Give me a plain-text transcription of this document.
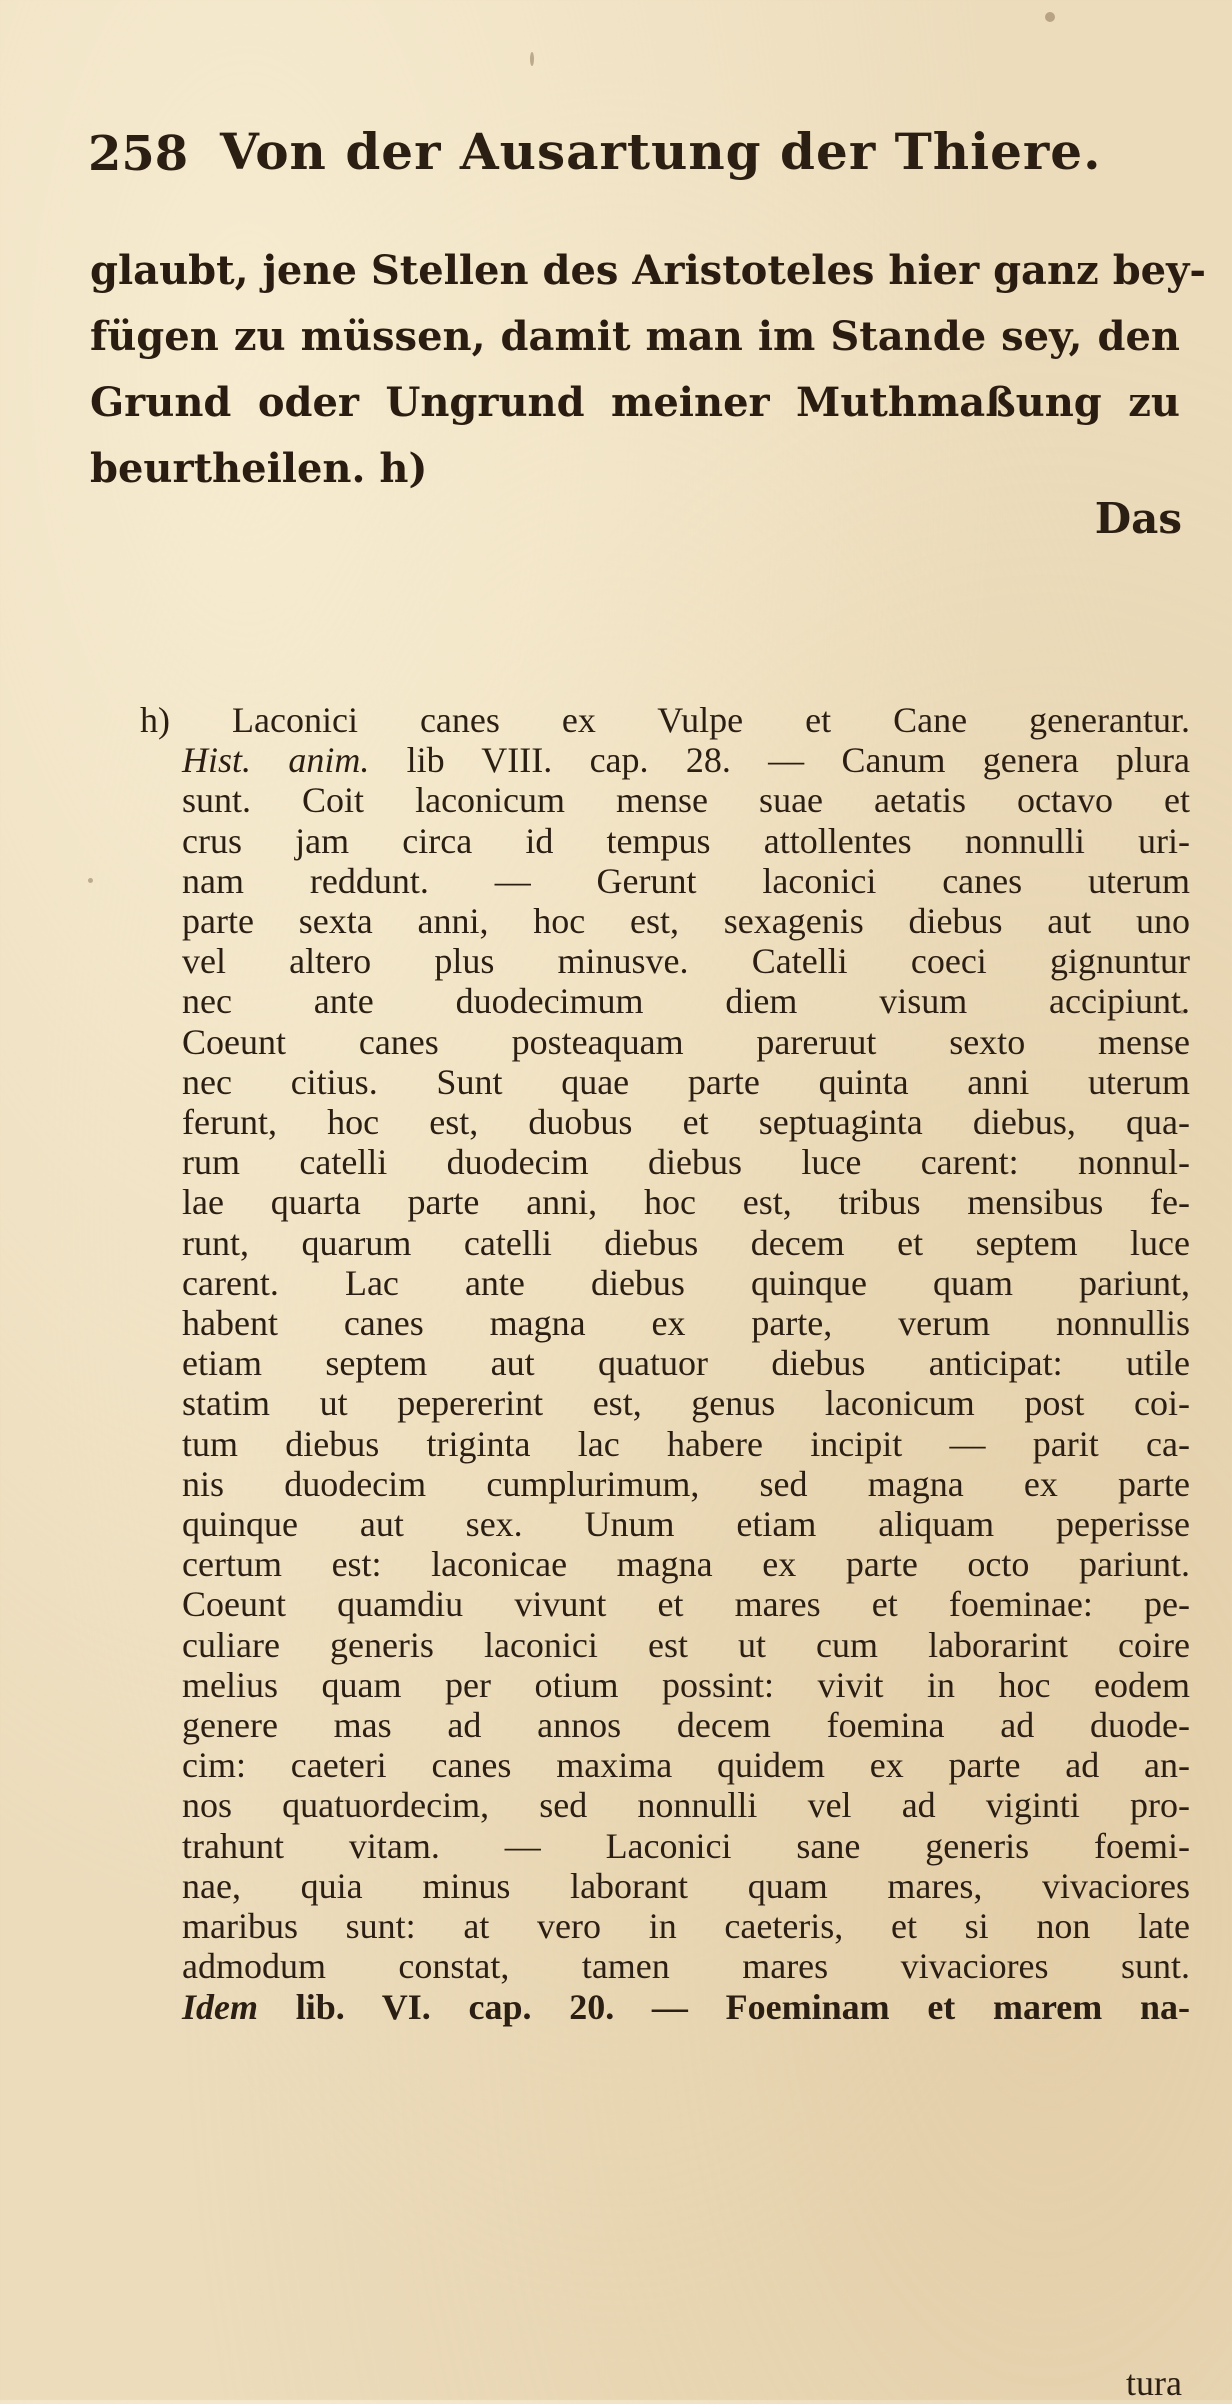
258 Von der Ausartung der Thiere.
glaubt, jene Stellen des Aristoteles hier ganz bey-
fügen zu müssen, damit man im Stande sey, den
Grund oder Ungrund meiner Muthmaßung zu
beurtheilen. h)
Das
h) Laconici canes ex Vulpe et Cane generantur.
Hist. anim. lib VIII. cap. 28. — Canum genera plura
sunt. Coit laconicum mense suae aetatis octavo et
crus jam circa id tempus attollentes nonnulli uri-
nam reddunt. — Gerunt laconici canes uterum
parte sexta anni, hoc est, sexagenis diebus aut uno
vel altero plus minusve. Catelli coeci gignuntur
nec ante duodecimum diem visum accipiunt.
Coeunt canes posteaquam pareruut sexto mense
nec citius. Sunt quae parte quinta anni uterum
ferunt, hoc est, duobus et septuaginta diebus, qua-
rum catelli duodecim diebus luce carent: nonnul-
lae quarta parte anni, hoc est, tribus mensibus fe-
runt, quarum catelli diebus decem et septem luce
carent. Lac ante diebus quinque quam pariunt,
habent canes magna ex parte, verum nonnullis
etiam septem aut quatuor diebus anticipat: utile
statim ut pepererint est, genus laconicum post coi-
tum diebus triginta lac habere incipit — parit ca-
nis duodecim cumplurimum, sed magna ex parte
quinque aut sex. Unum etiam aliquam peperisse
certum est: laconicae magna ex parte octo pariunt.
Coeunt quamdiu vivunt et mares et foeminae: pe-
culiare generis laconici est ut cum laborarint coire
melius quam per otium possint: vivit in hoc eodem
genere mas ad annos decem foemina ad duode-
cim: caeteri canes maxima quidem ex parte ad an-
nos quatuordecim, sed nonnulli vel ad viginti pro-
trahunt vitam. — Laconici sane generis foemi-
nae, quia minus laborant quam mares, vivaciores
maribus sunt: at vero in caeteris, et si non late
admodum constat, tamen mares vivaciores sunt.
Idem lib. VI. cap. 20. — Foeminam et marem na-
tura
